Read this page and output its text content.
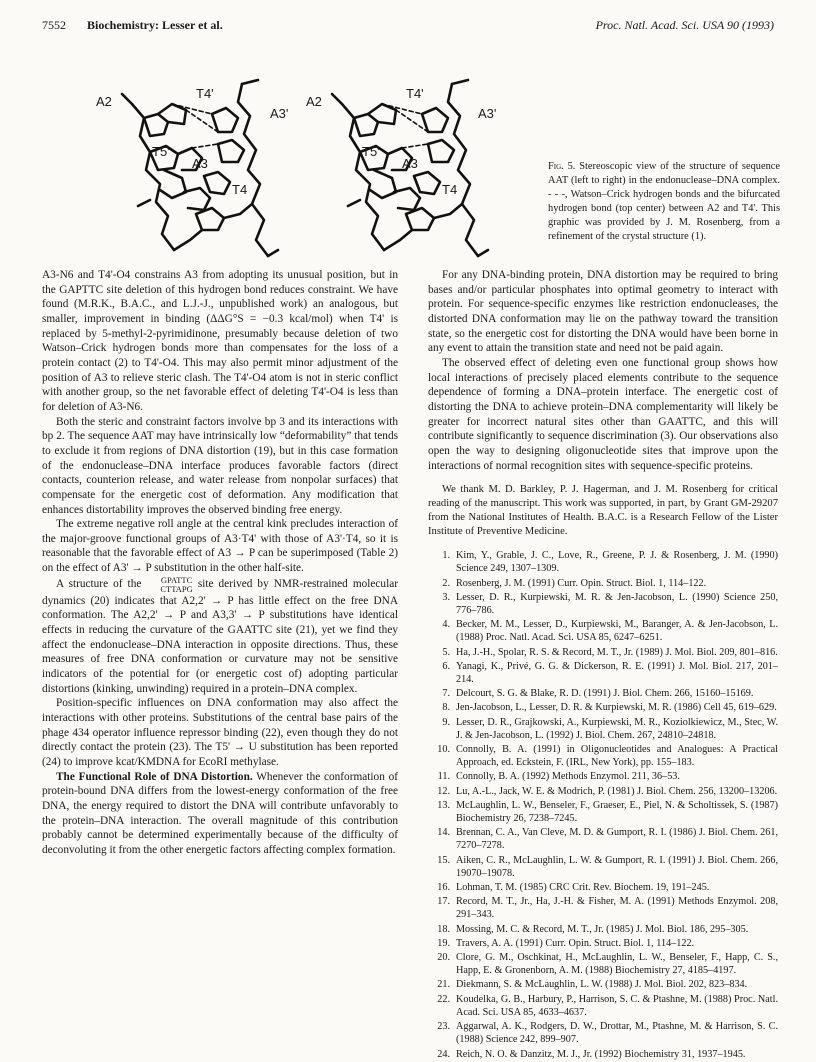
7552 Biochemistry: Lesser et al.	Proc. Natl. Acad. Sci. USA 90 (1993)
A2
T4'
A3'
T5'
A3
T4
A2
T4'
A3'
T5'
A3
T4
Fig. 5. Stereoscopic view of the structure of sequence AAT (left to right) in the endonuclease–DNA complex. - - -, Watson–Crick hydrogen bonds and the bifurcated hydrogen bond (top center) between A2 and T4'. This graphic was provided by J. M. Rosenberg, from a refinement of the crystal structure (1).

A3-N6 and T4'-O4 constrains A3 from adopting its unusual position, but in the GAPTTC site deletion of this hydrogen bond reduces constraint. We have found (M.R.K., B.A.C., and L.J.-J., unpublished work) an analogous, but smaller, improvement in binding (ΔΔG°S = −0.3 kcal/mol) when T4' is replaced by 5-methyl-2-pyrimidinone, presumably because deletion of two Watson–Crick hydrogen bonds more than compensates for the loss of a protein contact (2) to T4'-O4. This may also permit minor adjustment of the position of A3 to relieve steric clash. The T4'-O4 atom is not in steric conflict with another group, so the net favorable effect of deleting T4'-O4 is less than for deletion of A3-N6.

Both the steric and constraint factors involve bp 3 and its interactions with bp 2. The sequence AAT may have intrinsically low “deformability” that tends to exclude it from regions of DNA distortion (19), but in this case formation of the endonuclease–DNA interface produces favorable factors (direct contacts, counterion release, and water release from nonpolar surfaces) that compensate for the energetic cost of deformation. Any modification that enhances distortability improves the observed binding free energy.

The extreme negative roll angle at the central kink precludes interaction of the major-groove functional groups of A3·T4' with those of A3'·T4, so it is reasonable that the favorable effect of A3 → P can be superimposed (Table 2) on the effect of A3' → P substitution in the other half-site.

A structure of the	GPATTC
CTTAPG site derived by NMR-restrained molecular dynamics (20) indicates that A2,2' → P has little effect on the free DNA conformation. The A2,2' → P and A3,3' → P substitutions have identical effects in reducing the curvature of the GAATTC site (21), yet we find they affect the endonuclease–DNA interaction in opposite directions. Thus, these measures of free DNA conformation or curvature may not be sensitive indicators of the potential for (or energetic cost of) adopting particular distortions (kinking, unwinding) required in a protein–DNA complex.

Position-specific influences on DNA conformation may also affect the interactions with other proteins. Substitutions of the central base pairs of the phage 434 operator influence repressor binding (22), even though they do not directly contact the protein (23). The T5' → U substitution has been reported (24) to improve kcat/KMDNA for EcoRI methylase.

The Functional Role of DNA Distortion. Whenever the conformation of protein-bound DNA differs from the lowest-energy conformation of the free DNA, the energy required to distort the DNA will contribute unfavorably to the protein–DNA interaction. The overall magnitude of this contribution probably cannot be determined experimentally because of the difficulty of deconvoluting it from the other energetic factors affecting complex formation.

For any DNA-binding protein, DNA distortion may be required to bring bases and/or particular phosphates into optimal geometry to interact with protein. For sequence-specific enzymes like restriction endonucleases, the distorted DNA conformation may lie on the pathway toward the transition state, so the energetic cost for distorting the DNA would have been borne in any event to attain the transition state and need not be paid again.

The observed effect of deleting even one functional group shows how local interactions of precisely placed elements contribute to the sequence dependence of forming a DNA–protein interface. The energetic cost of distorting the DNA to achieve protein–DNA complementarity will likely be greater for incorrect natural sites other than GAATTC, and this will contribute significantly to sequence discrimination (3). Our observations also open the way to designing oligonucleotide sites that improve upon the interactions of normal recognition sites with sequence-specific proteins.

We thank M. D. Barkley, P. J. Hagerman, and J. M. Rosenberg for critical reading of the manuscript. This work was supported, in part, by Grant GM-29207 from the National Institutes of Health. B.A.C. is a Research Fellow of the Lister Institute of Preventive Medicine.
1. Kim, Y., Grable, J. C., Love, R., Greene, P. J. & Rosenberg, J. M. (1990) Science 249, 1307–1309.
2. Rosenberg, J. M. (1991) Curr. Opin. Struct. Biol. 1, 114–122.
3. Lesser, D. R., Kurpiewski, M. R. & Jen-Jacobson, L. (1990) Science 250, 776–786.
4. Becker, M. M., Lesser, D., Kurpiewski, M., Baranger, A. & Jen-Jacobson, L. (1988) Proc. Natl. Acad. Sci. USA 85, 6247–6251.
5. Ha, J.-H., Spolar, R. S. & Record, M. T., Jr. (1989) J. Mol. Biol. 209, 801–816.
6. Yanagi, K., Privé, G. G. & Dickerson, R. E. (1991) J. Mol. Biol. 217, 201–214.
7. Delcourt, S. G. & Blake, R. D. (1991) J. Biol. Chem. 266, 15160–15169.
8. Jen-Jacobson, L., Lesser, D. R. & Kurpiewski, M. R. (1986) Cell 45, 619–629.
9. Lesser, D. R., Grajkowski, A., Kurpiewski, M. R., Koziolkiewicz, M., Stec, W. J. & Jen-Jacobson, L. (1992) J. Biol. Chem. 267, 24810–24818.
10. Connolly, B. A. (1991) in Oligonucleotides and Analogues: A Practical Approach, ed. Eckstein, F. (IRL, New York), pp. 155–183.
11. Connolly, B. A. (1992) Methods Enzymol. 211, 36–53.
12. Lu, A.-L., Jack, W. E. & Modrich, P. (1981) J. Biol. Chem. 256, 13200–13206.
13. McLaughlin, L. W., Benseler, F., Graeser, E., Piel, N. & Scholtissek, S. (1987) Biochemistry 26, 7238–7245.
14. Brennan, C. A., Van Cleve, M. D. & Gumport, R. I. (1986) J. Biol. Chem. 261, 7270–7278.
15. Aiken, C. R., McLaughlin, L. W. & Gumport, R. I. (1991) J. Biol. Chem. 266, 19070–19078.
16. Lohman, T. M. (1985) CRC Crit. Rev. Biochem. 19, 191–245.
17. Record, M. T., Jr., Ha, J.-H. & Fisher, M. A. (1991) Methods Enzymol. 208, 291–343.
18. Mossing, M. C. & Record, M. T., Jr. (1985) J. Mol. Biol. 186, 295–305.
19. Travers, A. A. (1991) Curr. Opin. Struct. Biol. 1, 114–122.
20. Clore, G. M., Oschkinat, H., McLaughlin, L. W., Benseler, F., Happ, C. S., Happ, E. & Gronenborn, A. M. (1988) Biochemistry 27, 4185–4197.
21. Diekmann, S. & McLaughlin, L. W. (1988) J. Mol. Biol. 202, 823–834.
22. Koudelka, G. B., Harbury, P., Harrison, S. C. & Ptashne, M. (1988) Proc. Natl. Acad. Sci. USA 85, 4633–4637.
23. Aggarwal, A. K., Rodgers, D. W., Drottar, M., Ptashne, M. & Harrison, S. C. (1988) Science 242, 899–907.
24. Reich, N. O. & Danzitz, M. J., Jr. (1992) Biochemistry 31, 1937–1945.
